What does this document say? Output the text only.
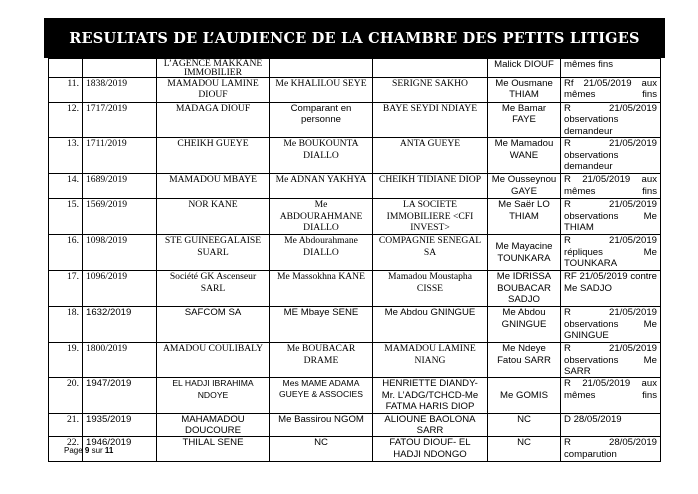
RESULTATS DE L’AUDIENCE DE LA CHAMBRE DES PETITS LITIGES
		L’AGENCE MAKKANE IMMOBILIER			Malick DIOUF	mêmes fins
11.	1838/2019	MAMADOU LAMINE DIOUF	Me KHALILOU SEYE	SERIGNE SAKHO	Me Ousmane THIAM	Rf 21/05/2019 aux mêmes fins
12.	1717/2019	MADAGA DIOUF	Comparant en personne	BAYE SEYDI NDIAYE	Me Bamar FAYE	R 21/05/2019 observations demandeur
13.	1711/2019	CHEIKH GUEYE	Me BOUKOUNTA DIALLO	ANTA GUEYE	Me Mamadou WANE	R 21/05/2019 observations demandeur
14.	1689/2019	MAMADOU MBAYE	Me ADNAN YAKHYA	CHEIKH TIDIANE DIOP	Me Ousseynou GAYE	R 21/05/2019 aux mêmes fins
15.	1569/2019	NOR KANE	Me ABDOURAHMANE DIALLO	LA SOCIETE IMMOBILIERE <CFI INVEST>	Me Saër LO THIAM	R 21/05/2019 observations Me THIAM
16.	1098/2019	STE GUINEEGALAISE SUARL	Me Abdourahmane DIALLO	COMPAGNIE SENEGAL SA	Me Mayacine TOUNKARA	R 21/05/2019 répliques Me TOUNKARA
17.	1096/2019	Société GK Ascenseur SARL	Me Massokhna KANE	Mamadou Moustapha CISSE	Me IDRISSA BOUBACAR SADJO	RF 21/05/2019 contre Me SADJO
18.	1632/2019	SAFCOM SA	ME Mbaye SENE	Me Abdou GNINGUE	Me Abdou GNINGUE	R 21/05/2019 observations Me GNINGUE
19.	1800/2019	AMADOU COULIBALY	Me BOUBACAR DRAME	MAMADOU LAMINE NIANG	Me Ndeye Fatou SARR	R 21/05/2019 observations Me SARR
20.	1947/2019	EL HADJI IBRAHIMA NDOYE	Mes MAME ADAMA GUEYE & ASSOCIES	HENRIETTE DIANDY-Mr. L’ADG/TCHCD-Me FATMA HARIS DIOP	Me GOMIS	R 21/05/2019 aux mêmes fins
21.	1935/2019	MAHAMADOU DOUCOURE	Me Bassirou NGOM	ALIOUNE BAOLONA SARR	NC	D 28/05/2019
22.	1946/2019	THILAL SENE	NC	FATOU DIOUF- EL HADJI NDONGO	NC	R 28/05/2019 comparution
Page 9 sur 11
